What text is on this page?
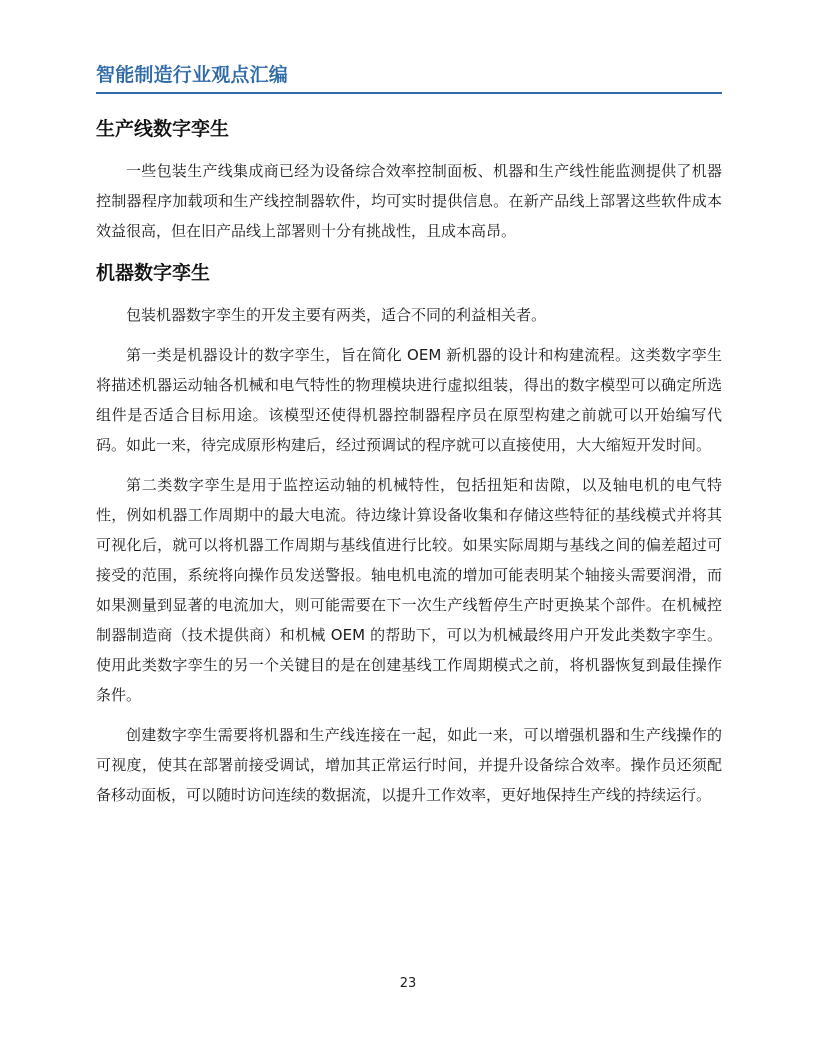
智能制造行业观点汇编
生产线数字孪生

一些包装生产线集成商已经为设备综合效率控制面板、机器和生产线性能监测提供了机器控制器程序加载项和生产线控制器软件，均可实时提供信息。在新产品线上部署这些软件成本效益很高，但在旧产品线上部署则十分有挑战性，且成本高昂。

机器数字孪生

包装机器数字孪生的开发主要有两类，适合不同的利益相关者。

第一类是机器设计的数字孪生，旨在简化 OEM 新机器的设计和构建流程。这类数字孪生将描述机器运动轴各机械和电气特性的物理模块进行虚拟组装，得出的数字模型可以确定所选组件是否适合目标用途。该模型还使得机器控制器程序员在原型构建之前就可以开始编写代码。如此一来，待完成原形构建后，经过预调试的程序就可以直接使用，大大缩短开发时间。

第二类数字孪生是用于监控运动轴的机械特性，包括扭矩和齿隙，以及轴电机的电气特性，例如机器工作周期中的最大电流。待边缘计算设备收集和存储这些特征的基线模式并将其可视化后，就可以将机器工作周期与基线值进行比较。如果实际周期与基线之间的偏差超过可接受的范围，系统将向操作员发送警报。轴电机电流的增加可能表明某个轴接头需要润滑，而如果测量到显著的电流加大，则可能需要在下一次生产线暂停生产时更换某个部件。在机械控制器制造商（技术提供商）和机械 OEM 的帮助下，可以为机械最终用户开发此类数字孪生。使用此类数字孪生的另一个关键目的是在创建基线工作周期模式之前，将机器恢复到最佳操作条件。

创建数字孪生需要将机器和生产线连接在一起，如此一来，可以增强机器和生产线操作的可视度，使其在部署前接受调试，增加其正常运行时间，并提升设备综合效率。操作员还须配备移动面板，可以随时访问连续的数据流，以提升工作效率，更好地保持生产线的持续运行。

23
